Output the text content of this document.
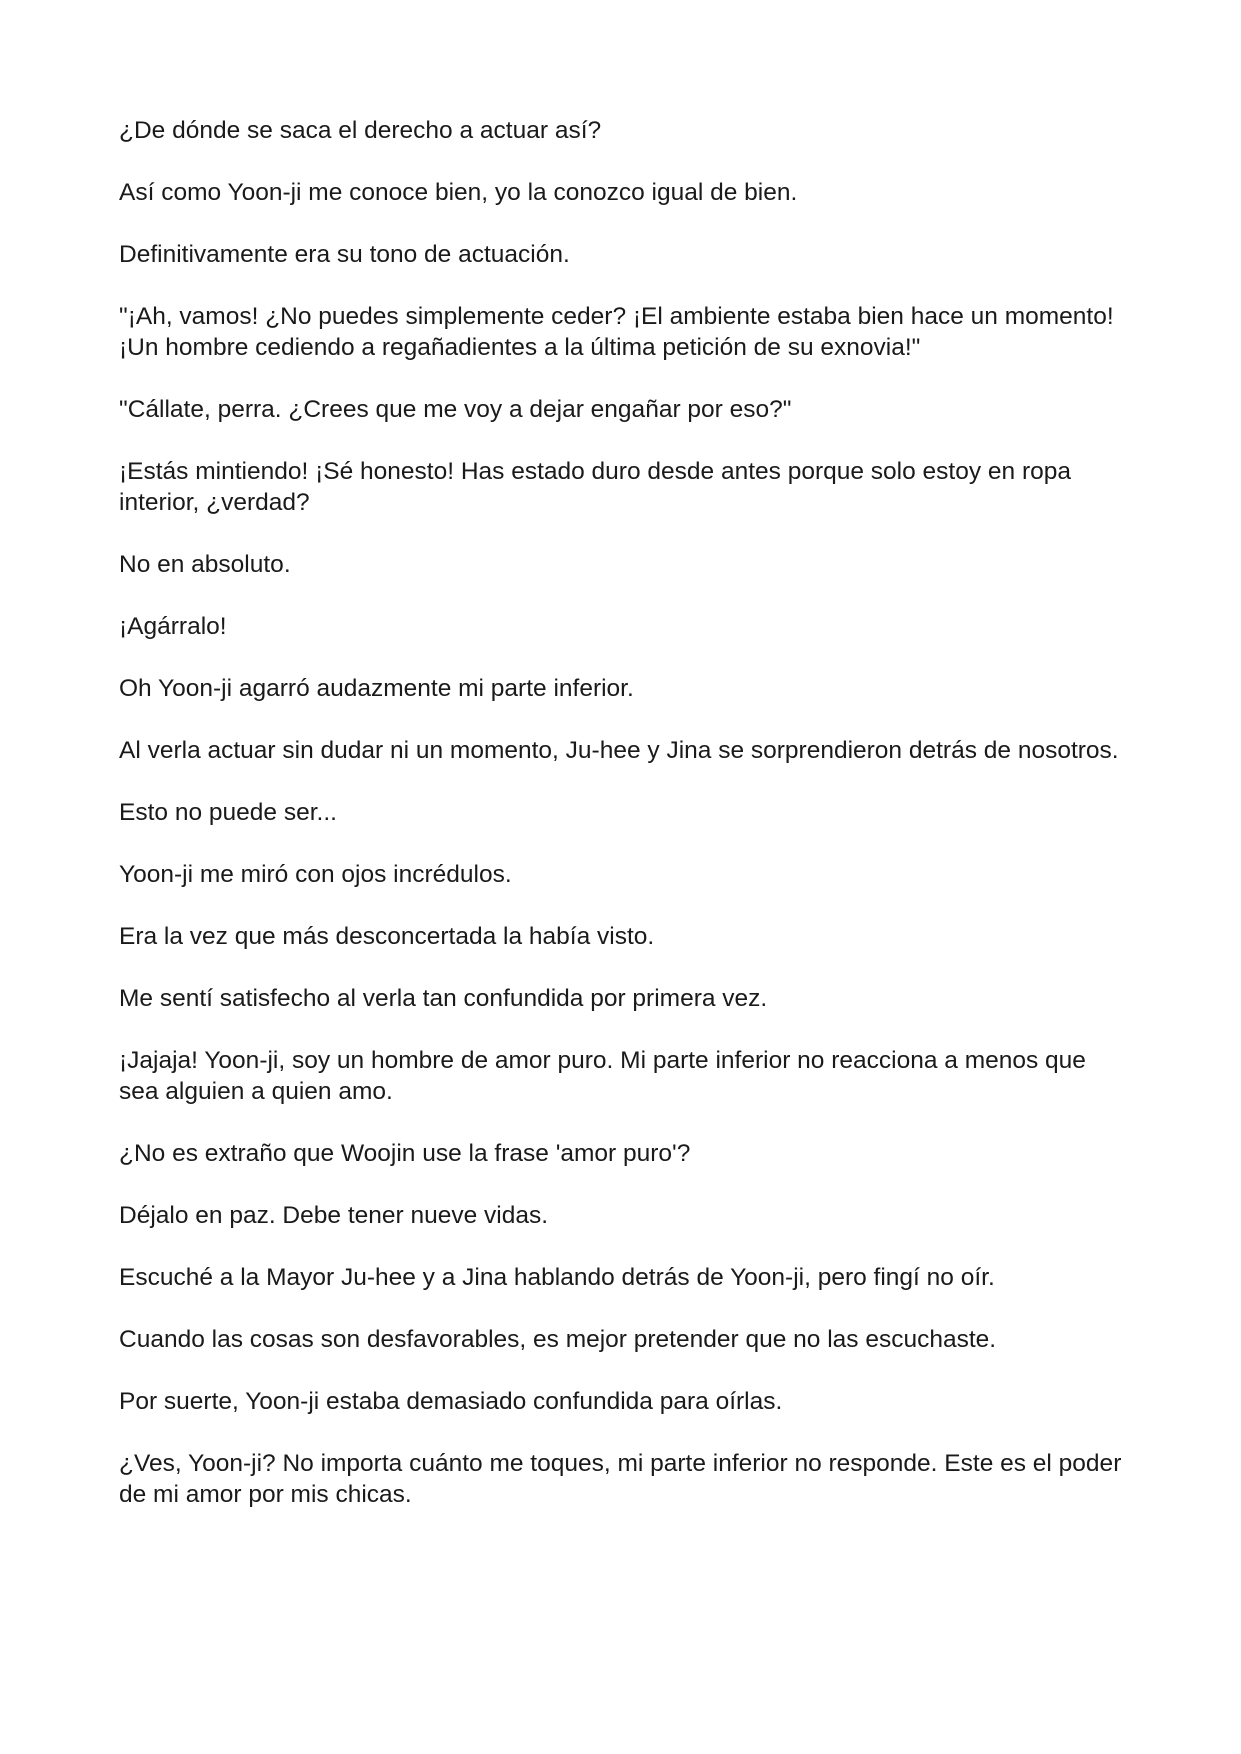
¿De dónde se saca el derecho a actuar así?

Así como Yoon-ji me conoce bien, yo la conozco igual de bien.

Definitivamente era su tono de actuación.

"¡Ah, vamos! ¿No puedes simplemente ceder? ¡El ambiente estaba bien hace un momento! ¡Un hombre cediendo a regañadientes a la última petición de su exnovia!"

"Cállate, perra. ¿Crees que me voy a dejar engañar por eso?"

¡Estás mintiendo! ¡Sé honesto! Has estado duro desde antes porque solo estoy en ropa interior, ¿verdad?

No en absoluto.

¡Agárralo!

Oh Yoon-ji agarró audazmente mi parte inferior.

Al verla actuar sin dudar ni un momento, Ju-hee y Jina se sorprendieron detrás de nosotros.

Esto no puede ser...

Yoon-ji me miró con ojos incrédulos.

Era la vez que más desconcertada la había visto.

Me sentí satisfecho al verla tan confundida por primera vez.

¡Jajaja! Yoon-ji, soy un hombre de amor puro. Mi parte inferior no reacciona a menos que sea alguien a quien amo.

¿No es extraño que Woojin use la frase 'amor puro'?

Déjalo en paz. Debe tener nueve vidas.

Escuché a la Mayor Ju-hee y a Jina hablando detrás de Yoon-ji, pero fingí no oír.

Cuando las cosas son desfavorables, es mejor pretender que no las escuchaste.

Por suerte, Yoon-ji estaba demasiado confundida para oírlas.

¿Ves, Yoon-ji? No importa cuánto me toques, mi parte inferior no responde. Este es el poder de mi amor por mis chicas.
